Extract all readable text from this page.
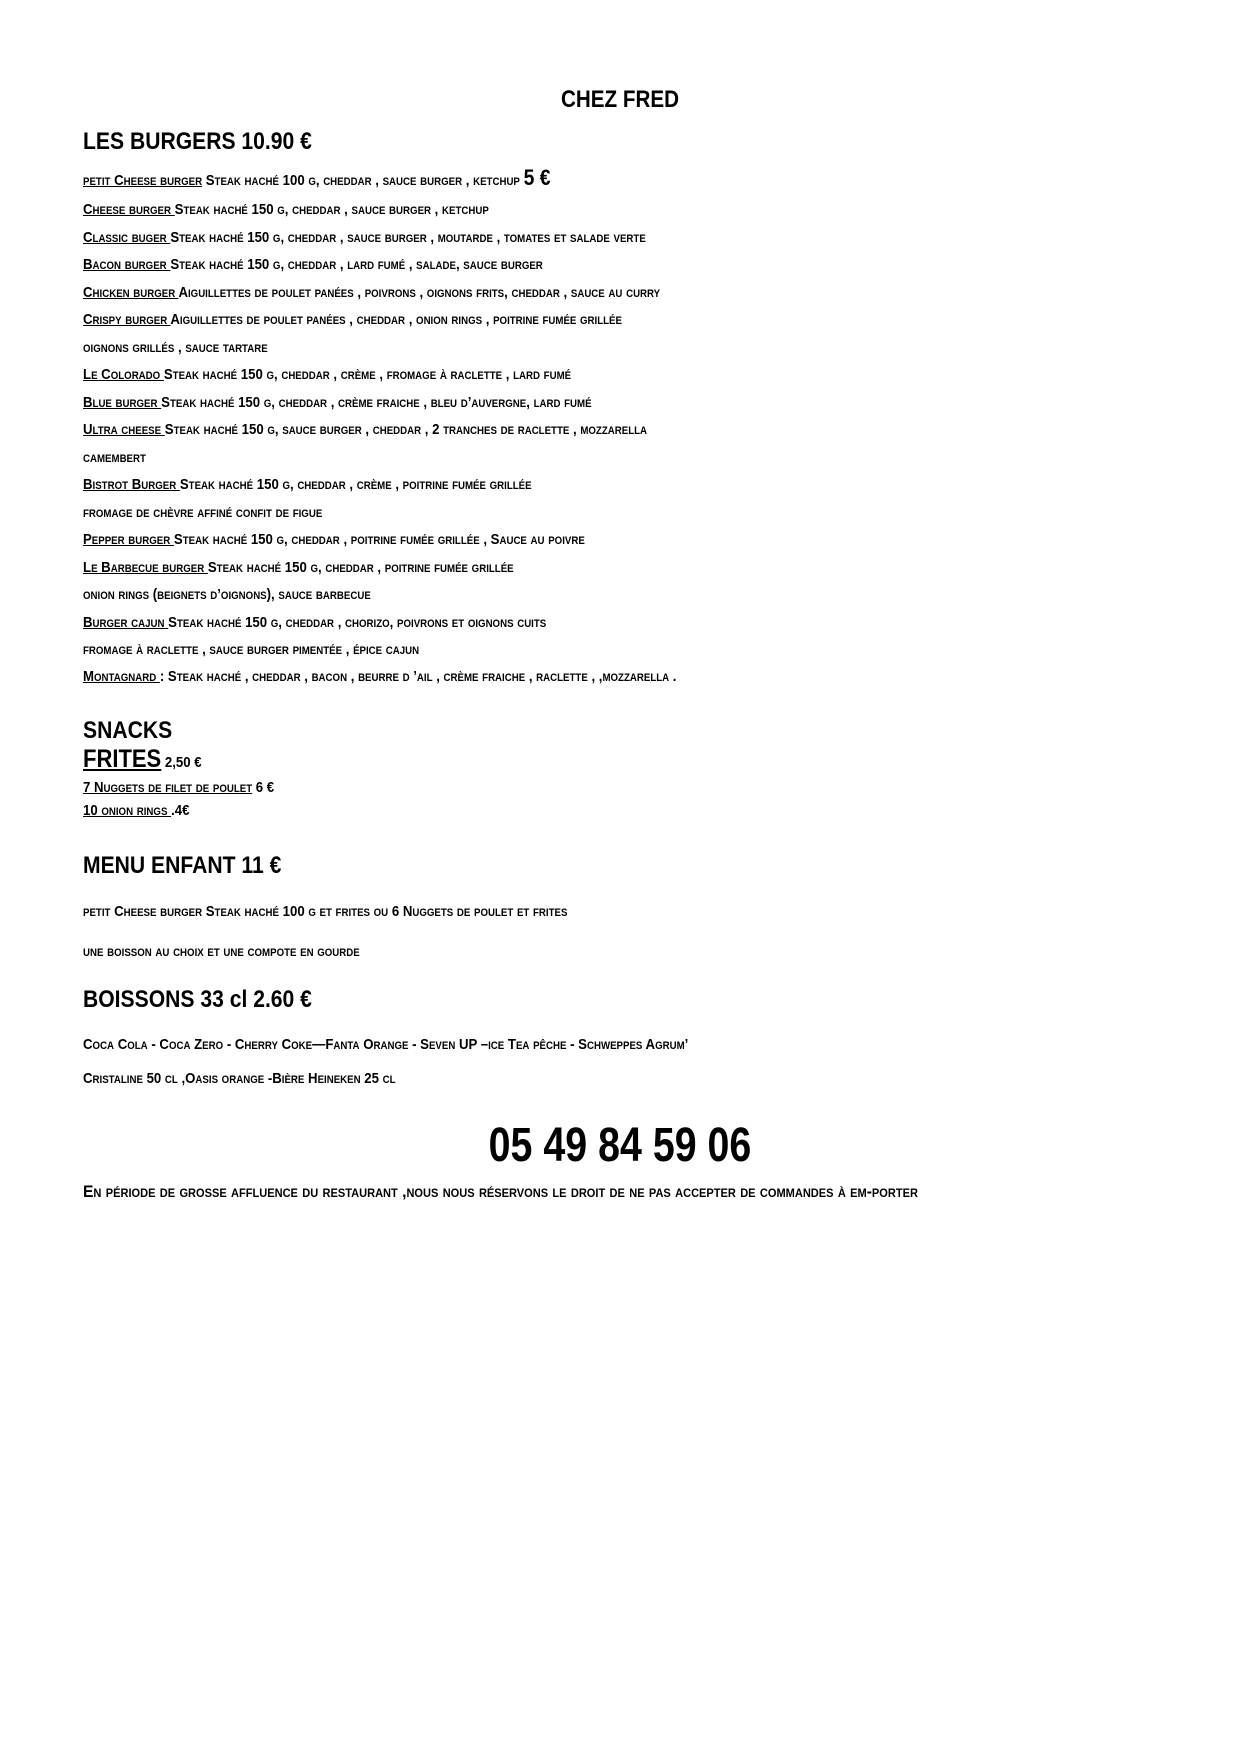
CHEZ FRED
LES BURGERS 10.90 €
petit Cheese burger Steak haché 100 g, cheddar , sauce burger , ketchup 5 €
Cheese burger Steak haché 150 g, cheddar , sauce burger , ketchup
Classic buger Steak haché 150 g, cheddar , sauce burger , moutarde , tomates et salade verte
Bacon burger Steak haché 150 g, cheddar , lard fumé , salade, sauce burger
Chicken burger Aiguillettes de poulet panées , poivrons , oignons frits, cheddar , sauce au curry
Crispy burger Aiguillettes de poulet panées , cheddar , onion rings , poitrine fumée grillée
oignons grillés , sauce tartare
Le Colorado Steak haché 150 g, cheddar , crème , fromage à raclette , lard fumé
Blue burger Steak haché 150 g, cheddar , crème fraiche , bleu d’auvergne, lard fumé
Ultra cheese Steak haché 150 g, sauce burger , cheddar , 2 tranches de raclette , mozzarella
camembert
Bistrot Burger Steak haché 150 g, cheddar , crème , poitrine fumée grillée
fromage de chèvre affiné confit de figue
Pepper burger Steak haché 150 g, cheddar , poitrine fumée grillée , Sauce au poivre
Le Barbecue burger Steak haché 150 g, cheddar , poitrine fumée grillée
onion rings (beignets d’oignons), sauce barbecue
Burger cajun Steak haché 150 g, cheddar , chorizo, poivrons et oignons cuits
fromage à raclette , sauce burger pimentée , épice cajun
Montagnard : Steak haché , cheddar , bacon , beurre d ’ail , crème fraiche , raclette , ,mozzarella .
SNACKS
FRITES 2,50 €
7 Nuggets de filet de poulet 6 €
10 onion rings .4€
MENU ENFANT 11 €
petit Cheese burger Steak haché 100 g et frites ou 6 Nuggets de poulet et frites
une boisson au choix et une compote en gourde
BOISSONS 33 cl 2.60 €
Coca Cola - Coca Zero - Cherry Coke—Fanta Orange - Seven UP –ice Tea pêche - Schweppes Agrum’
Cristaline 50 cl ,Oasis orange -Bière Heineken 25 cl
05 49 84 59 06
En période de grosse affluence du restaurant ,nous nous réservons le droit de ne pas accepter de commandes à em-porter
